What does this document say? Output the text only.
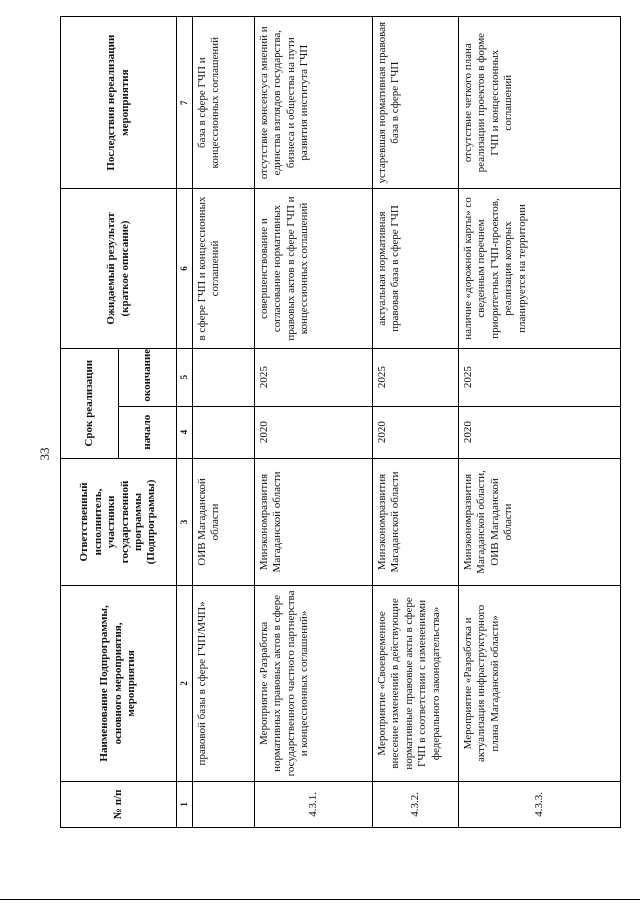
33
№ п/п	Наименование Подпрограммы, основного мероприятия, мероприятия	Ответственный исполнитель, участники государственной программы (Подпрограммы)	Срок реализации		Ожидаемый результат (краткое описание)	Последствия нереализации мероприятия
			начало	окончание		
1	2	3	4	5	6	7
	правовой базы в сфере ГЧП/МЧП»	ОИВ Магаданской области			в сфере ГЧП и концессионных соглашений	база в сфере ГЧП и концессионных соглашений
4.3.1.	Мероприятие «Разработка нормативных правовых актов в сфере государственного частного партнерства и концессионных соглашений»	Минэкономразвития Магаданской области	2020	2025	совершенствование и согласование нормативных правовых актов в сфере ГЧП и концессионных соглашений	отсутствие консенсуса мнений и единства взглядов государства, бизнеса и общества на пути развития института ГЧП
4.3.2.	Мероприятие «Своевременное внесение изменений в действующие нормативные правовые акты в сфере ГЧП в соответствии с изменениями федерального законодательства»	Минэкономразвития Магаданской области	2020	2025	актуальная нормативная правовая база в сфере ГЧП	устаревшая нормативная правовая база в сфере ГЧП
4.3.3.	Мероприятие «Разработка и актуализация инфраструктурного плана Магаданской области»	Минэкономразвития Магаданской области, ОИВ Магаданской области	2020	2025	наличие «дорожной карты» со сведенным перечнем приоритетных ГЧП-проектов, реализация которых планируется на территории	отсутствие четкого плана реализации проектов в форме ГЧП и концессионных соглашений
